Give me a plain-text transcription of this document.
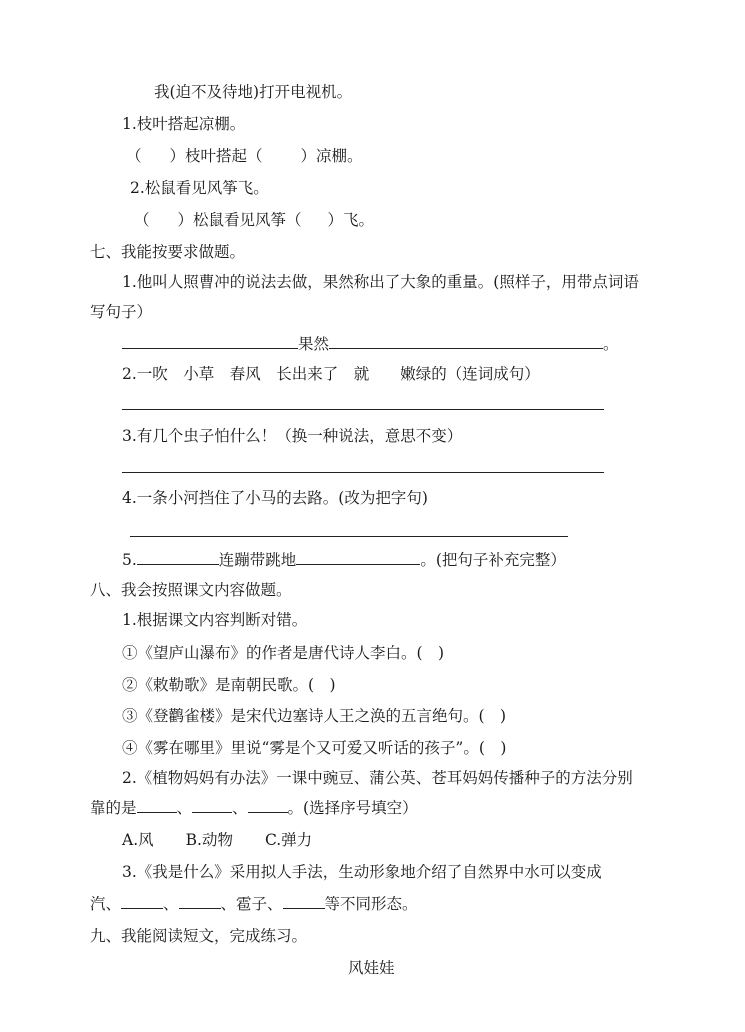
我(迫不及待地)打开电视机。
1.枝叶搭起凉棚。
（ ）枝叶搭起（ ）凉棚。
2.松鼠看见风筝飞。
（ ）松鼠看见风筝（ ）飞。
七、我能按要求做题。
1.他叫人照曹冲的说法去做，果然称出了大象的重量。(照样子，用带点词语
写句子）
果然	。
2.一吹　小草　春风　长出来了　就　　嫩绿的（连词成句）
3.有几个虫子怕什么！（换一种说法，意思不变）
4.一条小河挡住了小马的去路。(改为把字句)
5.	连蹦带跳地	。(把句子补充完整）
八、我会按照课文内容做题。
1.根据课文内容判断对错。
①《望庐山瀑布》的作者是唐代诗人李白。(　)
②《敕勒歌》是南朝民歌。(　)
③《登鹳雀楼》是宋代边塞诗人王之涣的五言绝句。(　)
④《雾在哪里》里说“雾是个又可爱又听话的孩子”。(　)
2.《植物妈妈有办法》一课中豌豆、蒲公英、苍耳妈妈传播种子的方法分别
靠的是	、	、	。(选择序号填空）
A.风 B.动物 C.弹力
3.《我是什么》采用拟人手法，生动形象地介绍了自然界中水可以变成
汽、	、	、雹子、	等不同形态。
九、我能阅读短文，完成练习。
风娃娃
